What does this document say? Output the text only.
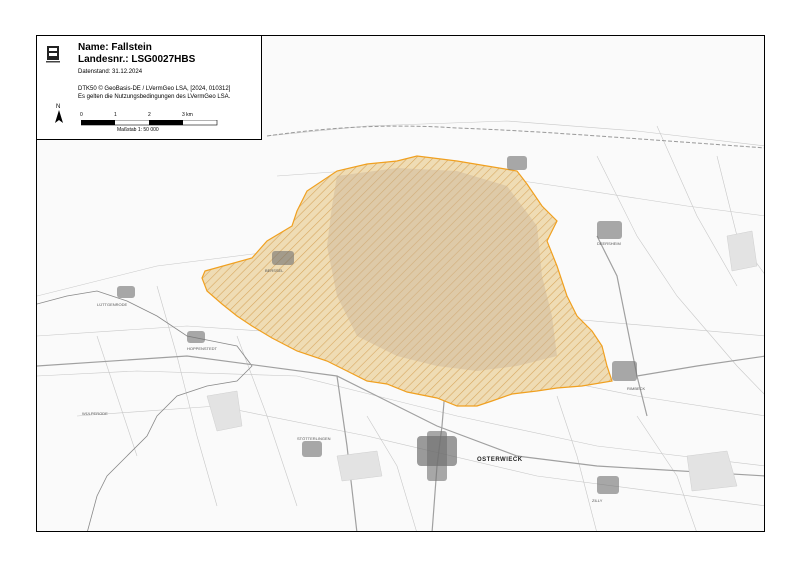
OSTERWIECK
HOPPENSTEDT
WÜLPERODE
RIMBECK
STÖTTERLINGEN
DEERSHEIM
BERSSEL
LÜTTGENRODE
ZILLY
Name: Fallstein
Landesnr.: LSG0027HBS
Datenstand: 31.12.2024
DTK50 © GeoBasis-DE / LVermGeo LSA, [2024, 010312]
Es gelten die Nutzungsbedingungen des LVermGeo LSA.
N
0	1	2	3 km
Maßstab 1: 50 000
